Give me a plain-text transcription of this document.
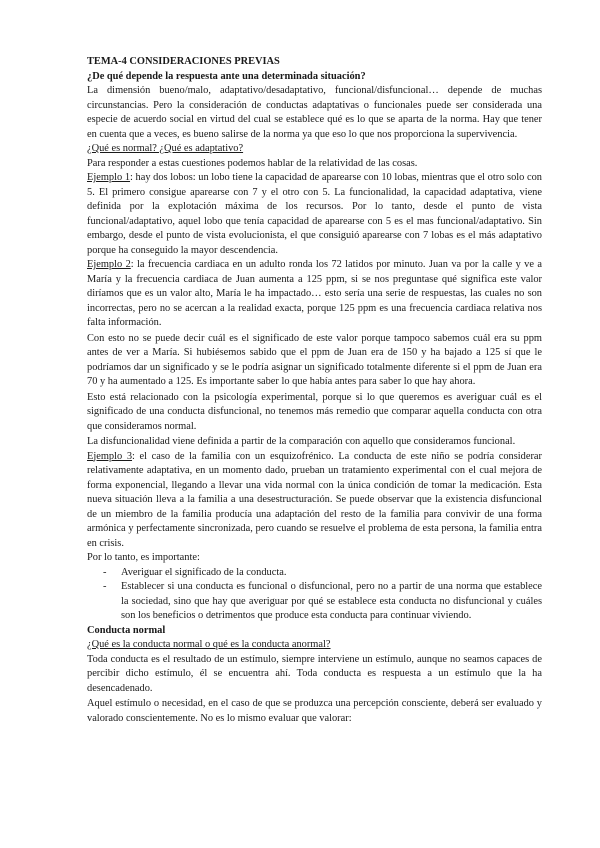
TEMA-4 CONSIDERACIONES PREVIAS

¿De qué depende la respuesta ante una determinada situación?

La dimensión bueno/malo, adaptativo/desadaptativo, funcional/disfuncional… depende de muchas circunstancias. Pero la consideración de conductas adaptativas o funcionales puede ser considerada una especie de acuerdo social en virtud del cual se establece qué es lo que se aparta de la norma. Hay que tener en cuenta que a veces, es bueno salirse de la norma ya que eso lo que nos proporciona la supervivencia.

¿Qué es normal? ¿Qué es adaptativo?

Para responder a estas cuestiones podemos hablar de la relatividad de las cosas.

Ejemplo 1: hay dos lobos: un lobo tiene la capacidad de aparearse con 10 lobas, mientras que el otro solo con 5. El primero consigue aparearse con 7 y el otro con 5. La funcionalidad, la capacidad adaptativa, viene definida por la explotación máxima de los recursos. Por lo tanto, desde el punto de vista funcional/adaptativo, aquel lobo que tenía capacidad de aparearse con 5 es el mas funcional/adaptativo. Sin embargo, desde el punto de vista evolucionista, el que consiguió aparearse con 7 lobas es el más adaptativo porque ha conseguido la mayor descendencia.

Ejemplo 2: la frecuencia cardiaca en un adulto ronda los 72 latidos por minuto. Juan va por la calle y ve a María y la frecuencia cardiaca de Juan aumenta a 125 ppm, si se nos preguntase qué significa este valor diríamos que es un valor alto, María le ha impactado… esto sería una serie de respuestas, las cuales no son incorrectas, pero no se acercan a la realidad exacta, porque 125 ppm es una frecuencia cardiaca relativa nos falta información.

Con esto no se puede decir cuál es el significado de este valor porque tampoco sabemos cuál era su ppm antes de ver a María. Si hubiésemos sabido que el ppm de Juan era de 150 y ha bajado a 125 sí que le podríamos dar un significado y se le podría asignar un significado totalmente diferente si el ppm de Juan era 70 y ha aumentado a 125. Es importante saber lo que había antes para saber lo que hay ahora.

Esto está relacionado con la psicología experimental, porque si lo que queremos es averiguar cuál es el significado de una conducta disfuncional, no tenemos más remedio que comparar aquella conducta con otra que consideramos normal.

La disfuncionalidad viene definida a partir de la comparación con aquello que consideramos funcional.

Ejemplo 3: el caso de la familia con un esquizofrénico. La conducta de este niño se podría considerar relativamente adaptativa, en un momento dado, prueban un tratamiento experimental con el cual mejora de forma exponencial, llegando a llevar una vida normal con la única condición de tomar la medicación. Esta nueva situación lleva a la familia a una desestructuración. Se puede observar que la existencia disfuncional de un miembro de la familia producía una adaptación del resto de la familia para convivir de una forma armónica y perfectamente sincronizada, pero cuando se resuelve el problema de esta persona, la familia entra en crisis.

Por lo tanto, es importante:

- Averiguar el significado de la conducta.
- Establecer si una conducta es funcional o disfuncional, pero no a partir de una norma que establece la sociedad, sino que hay que averiguar por qué se establece esta conducta no disfuncional y cuáles son los beneficios o detrimentos que produce esta conducta para continuar viviendo.

Conducta normal

¿Qué es la conducta normal o qué es la conducta anormal?

Toda conducta es el resultado de un estímulo, siempre interviene un estímulo, aunque no seamos capaces de percibir dicho estímulo, él se encuentra ahí. Toda conducta es respuesta a un estímulo que la ha desencadenado.

Aquel estímulo o necesidad, en el caso de que se produzca una percepción consciente, deberá ser evaluado y valorado conscientemente. No es lo mismo evaluar que valorar:
